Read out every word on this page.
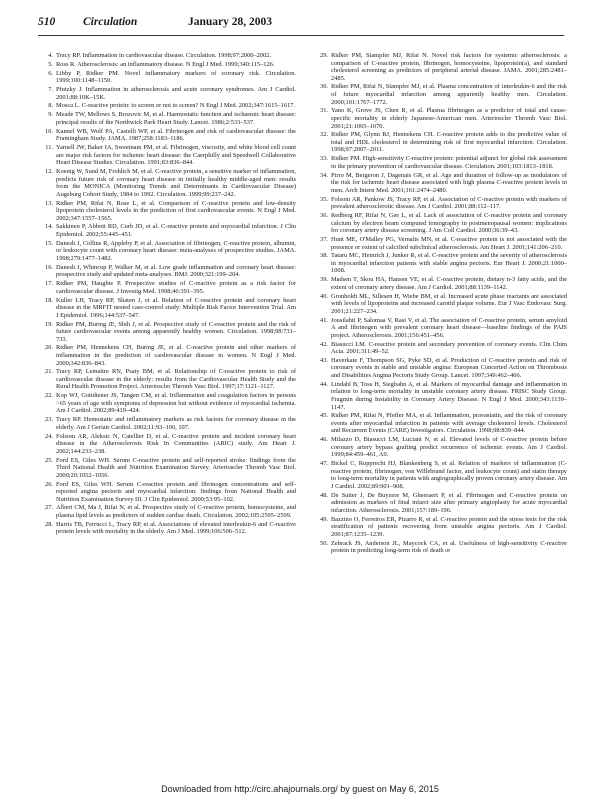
510 Circulation	January 28, 2003
4. Tracy RP. Inflammation in cardiovascular disease. Circulation. 1998;97:2000–2002.
5. Ross R. Atherosclerosis: an inflammatory disease. N Engl J Med. 1999;340:115–126.
6. Libby P, Ridker PM. Novel inflammatory markers of coronary risk. Circulation. 1999;100:1148–1150.
7. Pfutzky J. Inflammation in atherosclerosis and acute coronary syndromes. Am J Cardiol. 2001;88:10K–15K.
8. Mosca L. C-reactive protein: to screen or not to screen? N Engl J Med. 2002;347:1615–1617.
9. Meade TW, Mellows S, Brozovic M, et al. Haemostatic function and ischaemic heart disease: principal results of the Northwick Park Heart Study. Lancet. 1986;2:533–537.
10. Kannel WB, Wolf PA, Castelli WP, et al. Fibrinogen and risk of cardiovascular disease: the Framingham Study. JAMA. 1987;258:1183–1186.
11. Yarnell JW, Baker IA, Sweetnam PM, et al. Fibrinogen, viscosity, and white blood cell count are major risk factors for ischemic heart disease: the Caerphilly and Speedwell Collaborative Heart Disease Studies. Circulation. 1991;83:836–844.
12. Koenig W, Sund M, Frohlich M, et al. C-reactive protein, a sensitive marker of inflammation, predicts future risk of coronary heart disease in initially healthy middle-aged men: results from the MONICA (Monitoring Trends and Determinants in Cardiovascular Disease) Augsburg Cohort Study, 1984 to 1992. Circulation. 1999;99:237–242.
13. Ridker PM, Rifai N, Rose L, et al. Comparison of C-reactive protein and low-density lipoprotein cholesterol levels in the prediction of first cardiovascular events. N Engl J Med. 2002;347:1557–1565.
14. Sakkinen P, Abbott RD, Curb JD, et al. C-reactive protein and myocardial infarction. J Clin Epidemiol. 2002;55:445–451.
15. Danesh J, Collins R, Appleby P, et al. Association of fibrinogen, C-reactive protein, albumin, or leukocyte count with coronary heart disease: meta-analyses of prospective studies. JAMA. 1998;279:1477–1482.
16. Danesh J, Whincup P, Walker M, et al. Low grade inflammation and coronary heart disease: prospective study and updated meta-analyses. BMJ. 2000;321:199–204.
17. Ridker PM, Haughie P. Prospective studies of C-reactive protein as a risk factor for cardiovascular disease. J Investig Med. 1998;46:391–395.
18. Kuller LH, Tracy RP, Shaten J, et al. Relation of C-reactive protein and coronary heart disease in the MRFIT nested case-control study: Multiple Risk Factor Intervention Trial. Am J Epidemiol. 1996;144:537–547.
19. Ridker PM, Buring JE, Shih J, et al. Prospective study of C-reactive protein and the risk of future cardiovascular events among apparently healthy women. Circulation. 1998;98:731–733.
20. Ridker PM, Hennekens CH, Buring JE, et al. C-reactive protein and other markers of inflammation in the prediction of cardiovascular disease in women. N Engl J Med. 2000;342:836–843.
21. Tracy RP, Lemaitre RN, Psaty BM, et al. Relationship of C-reactive protein to risk of cardiovascular disease in the elderly: results from the Cardiovascular Health Study and the Rural Health Promotion Project. Arterioscler Thromb Vasc Biol. 1997;17:1121–1127.
22. Kop WJ, Gottdiener JS, Tangen CM, et al. Inflammation and coagulation factors in persons >65 years of age with symptoms of depression but without evidence of myocardial ischemia. Am J Cardiol. 2002;89:419–424.
23. Tracy RP. Hemostatic and inflammatory markers as risk factors for coronary disease in the elderly. Am J Geriatr Cardiol. 2002;11:93–100, 107.
24. Folsom AR, Aleksic N, Catellier D, et al. C-reactive protein and incident coronary heart disease in the Atherosclerosis Risk In Communities (ARIC) study. Am Heart J. 2002;144:233–238.
25. Ford ES, Giles WH. Serum C-reactive protein and self-reported stroke: findings from the Third National Health and Nutrition Examination Survey. Arterioscler Thromb Vasc Biol. 2000;20:1052–1056.
26. Ford ES, Giles WH. Serum C-reactive protein and fibrinogen concentrations and self-reported angina pectoris and myocardial infarction: findings from National Health and Nutrition Examination Survey III. J Clin Epidemiol. 2000;53:95–102.
27. Albert CM, Ma J, Rifai N, et al. Prospective study of C-reactive protein, homocysteine, and plasma lipid levels as predictors of sudden cardiac death. Circulation. 2002;105:2595–2599.
28. Harris TB, Ferrucci L, Tracy RP, et al. Associations of elevated interleukin-6 and C-reactive protein levels with mortality in the elderly. Am J Med. 1999;106:506–512.
29. Ridker PM, Stampfer MJ, Rifai N. Novel risk factors for systemic atherosclerosis: a comparison of C-reactive protein, fibrinogen, homocysteine, lipoprotein(a), and standard cholesterol screening as predictors of peripheral arterial disease. JAMA. 2001;285:2481–2485.
30. Ridker PM, Rifai N, Stampfer MJ, et al. Plasma concentration of interleukin-6 and the risk of future myocardial infarction among apparently healthy men. Circulation. 2000;101:1767–1772.
31. Yano K, Grove JS, Chen R, et al. Plasma fibrinogen as a predictor of total and cause-specific mortality in elderly Japanese-American men. Arterioscler Thromb Vasc Biol. 2001;21:1065–1070.
32. Ridker PM, Glynn RJ, Hennekens CH. C-reactive protein adds to the predictive value of total and HDL cholesterol in determining risk of first myocardial infarction. Circulation. 1998;97:2007–2011.
33. Ridker PM. High-sensitivity C-reactive protein: potential adjunct for global risk assessment in the primary prevention of cardiovascular disease. Circulation. 2001;103:1813–1818.
34. Pirro M, Bergeron J, Dagenais GR, et al. Age and duration of follow-up as modulators of the risk for ischemic heart disease associated with high plasma C-reactive protein levels in men. Arch Intern Med. 2001;161:2474–2480.
35. Folsom AR, Pankow JS, Tracy RP, et al. Association of C-reactive protein with markers of prevalent atherosclerotic disease. Am J Cardiol. 2001;88:112–117.
36. Redberg RF, Rifai N, Gee L, et al. Lack of association of C-reactive protein and coronary calcium by electron beam computed tomography in postmenopausal women: implications for coronary artery disease screening. J Am Coll Cardiol. 2000;36:39–43.
37. Hunt ME, O'Malley PG, Vernalis MN, et al. C-reactive protein is not associated with the presence or extent of calcified subclinical atherosclerosis. Am Heart J. 2001;141:206–210.
38. Tataru MC, Heinrich J, Junker R, et al. C-reactive protein and the severity of atherosclerosis in myocardial infarction patients with stable angina pectoris. Eur Heart J. 2000;21:1000–1008.
39. Madsen T, Skou HA, Hansen VE, et al. C-reactive protein, dietary n-3 fatty acids, and the extent of coronary artery disease. Am J Cardiol. 2001;88:1139–1142.
40. Gronholdt ML, Sillesen H, Wiebe BM, et al. Increased acute phase reactants are associated with levels of lipoproteins and increased carotid plaque volume. Eur J Vasc Endovasc Surg. 2001;21:227–234.
41. Jousilahti P, Salomaa V, Rasi V, et al. The association of C-reactive protein, serum amyloid A and fibrinogen with prevalent coronary heart disease—baseline findings of the PAIS project. Atherosclerosis. 2001;156:451–456.
42. Biasucci LM. C-reactive protein and secondary prevention of coronary events. Clin Chim Acta. 2001;311:49–52.
43. Haverkate F, Thompson SG, Pyke SD, et al. Production of C-reactive protein and risk of coronary events in stable and unstable angina: European Concerted Action on Thrombosis and Disabilities Angina Pectoris Study Group. Lancet. 1997;349:462–466.
44. Lindahl B, Toss H, Siegbahn A, et al. Markers of myocardial damage and inflammation in relation to long-term mortality in unstable coronary artery disease. FRISC Study Group. Fragmin during Instability in Coronary Artery Disease. N Engl J Med. 2000;343:1139–1147.
45. Ridker PM, Rifai N, Pfeffer MA, et al. Inflammation, pravastatin, and the risk of coronary events after myocardial infarction in patients with average cholesterol levels. Cholesterol and Recurrent Events (CARE) Investigators. Circulation. 1998;98:839–844.
46. Milazzo D, Biasucci LM, Luciani N, et al. Elevated levels of C-reactive protein before coronary artery bypass grafting predict recurrence of ischemic events. Am J Cardiol. 1999;84:459–461, A9.
47. Bickel C, Rupprecht HJ, Blankenberg S, et al. Relation of markers of inflammation (C-reactive protein, fibrinogen, von Willebrand factor, and leukocyte count) and statin therapy to long-term mortality in patients with angiographically proven coronary artery disease. Am J Cardiol. 2002;89:901–908.
48. De Sutter J, De Buyzere M, Gheeraert P, et al. Fibrinogen and C-reactive protein on admission as markers of final infarct size after primary angioplasty for acute myocardial infarction. Atherosclerosis. 2001;157:189–196.
49. Bazzino O, Ferreiros ER, Pizarro R, et al. C-reactive protein and the stress tests for the risk stratification of patients recovering from unstable angina pectoris. Am J Cardiol. 2001;87:1235–1239.
50. Zebrack JS, Anderson JL, Maycock CA, et al. Usefulness of high-sensitivity C-reactive protein in predicting long-term risk of death or
Downloaded from http://circ.ahajournals.org/ by guest on May 6, 2015
